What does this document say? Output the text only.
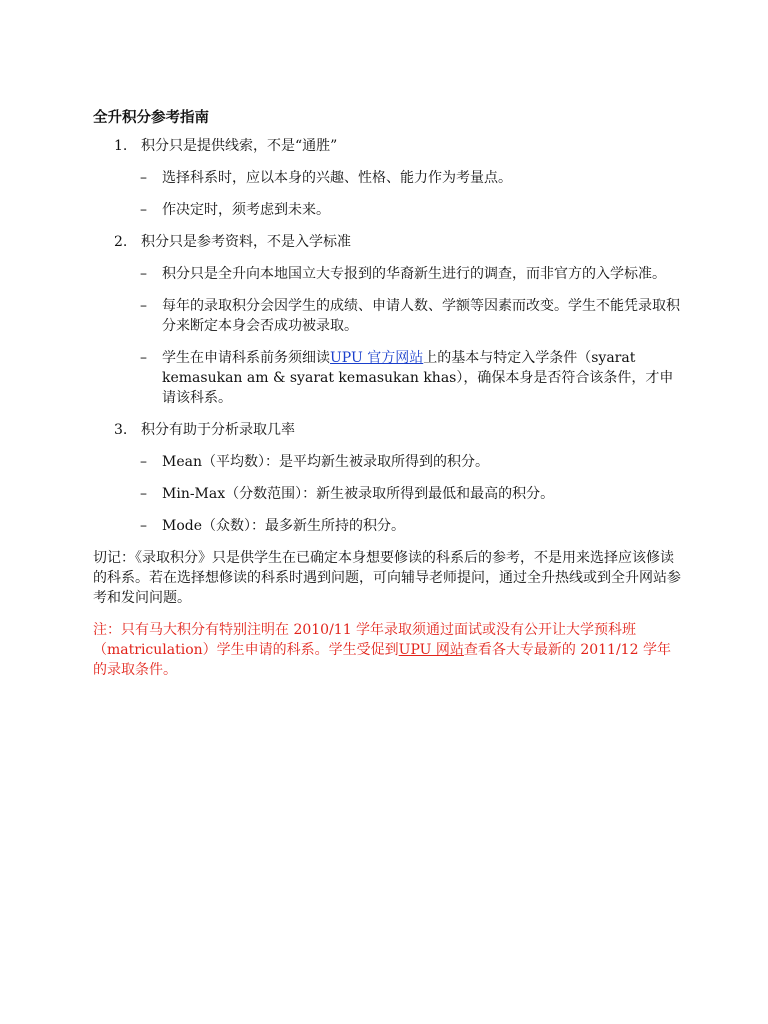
全升积分参考指南
1. 积分只是提供线索，不是“通胜”
– 选择科系时，应以本身的兴趣、性格、能力作为考量点。
– 作决定时，须考虑到未来。
2. 积分只是参考资料，不是入学标准
– 积分只是全升向本地国立大专报到的华裔新生进行的调查，而非官方的入学标准。
– 每年的录取积分会因学生的成绩、申请人数、学额等因素而改变。学生不能凭录取积分来断定本身会否成功被录取。
– 学生在申请科系前务须细读UPU 官方网站上的基本与特定入学条件（syarat kemasukan am & syarat kemasukan khas），确保本身是否符合该条件，才申请该科系。
3. 积分有助于分析录取几率
– Mean（平均数）：是平均新生被录取所得到的积分。
– Min-Max（分数范围）：新生被录取所得到最低和最高的积分。
– Mode（众数）：最多新生所持的积分。

切记：《录取积分》只是供学生在已确定本身想要修读的科系后的参考，不是用来选择应该修读的科系。若在选择想修读的科系时遇到问题，可向辅导老师提问，通过全升热线或到全升网站参考和发问问题。

注：只有马大积分有特别注明在 2010/11 学年录取须通过面试或没有公开让大学预科班（matriculation）学生申请的科系。学生受促到UPU 网站查看各大专最新的 2011/12 学年的录取条件。
